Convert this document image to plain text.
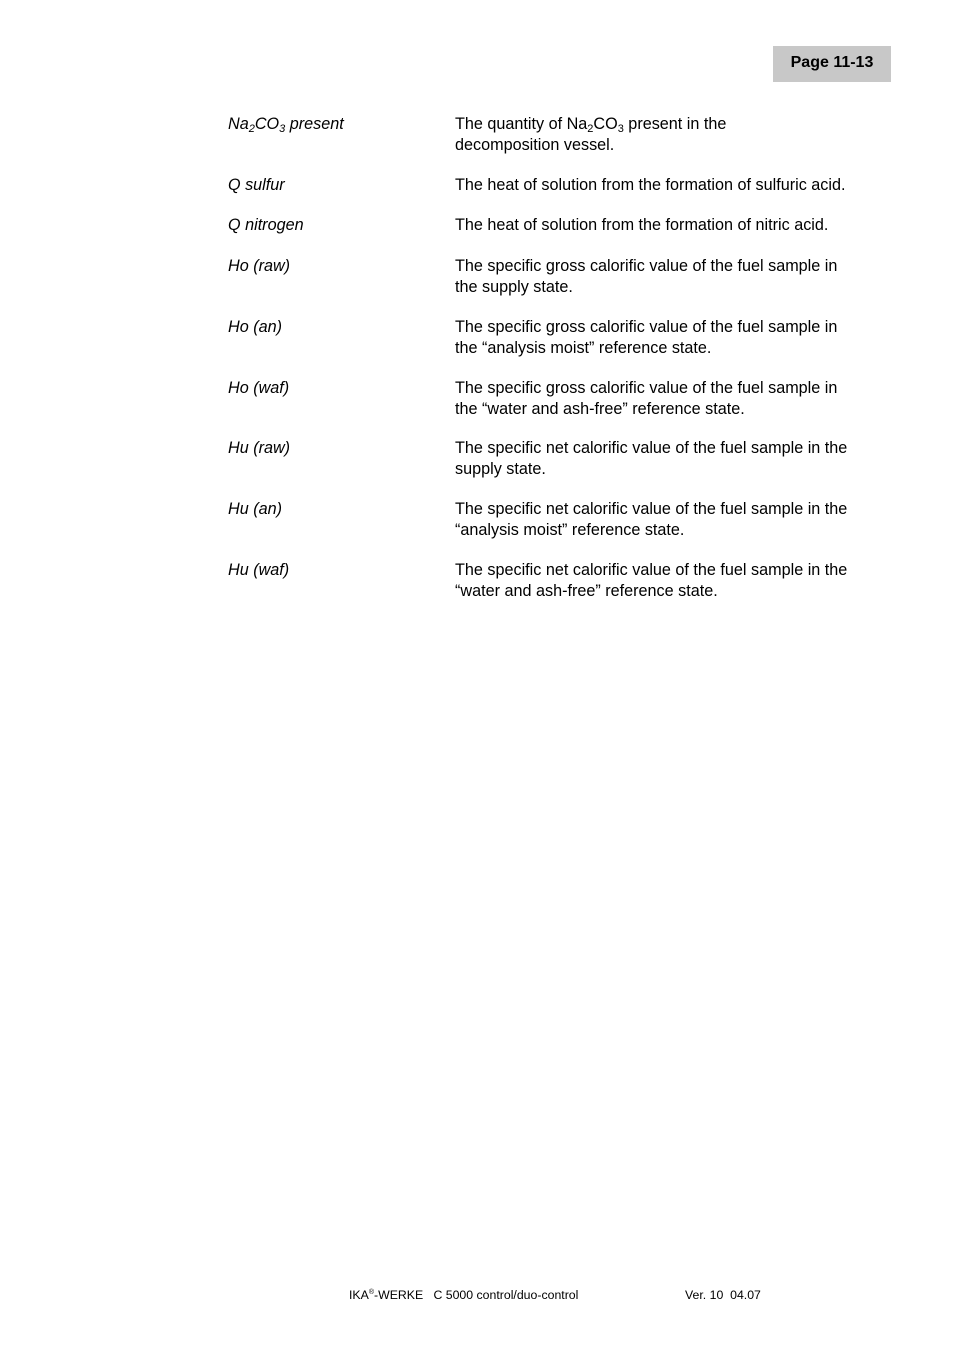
Page 11-13
$Na_2CO_3$ present	The quantity of $Na_2CO_3$ present in the
decomposition vessel.
Q sulfur	The heat of solution from the formation of sulfuric acid.
Q nitrogen	The heat of solution from the formation of nitric acid.
Ho (raw)	The specific gross calorific value of the fuel sample in
the supply state.
Ho (an)	The specific gross calorific value of the fuel sample in
the “analysis moist” reference state.
Ho (waf)	The specific gross calorific value of the fuel sample in
the “water and ash-free” reference state.
Hu (raw)	The specific net calorific value of the fuel sample in the
supply state.
Hu (an)	The specific net calorific value of the fuel sample in the
“analysis moist” reference state.
Hu (waf)	The specific net calorific value of the fuel sample in the
“water and ash-free” reference state.
IKA®-WERKE C 5000 control/duo-control	Ver. 10  04.07
